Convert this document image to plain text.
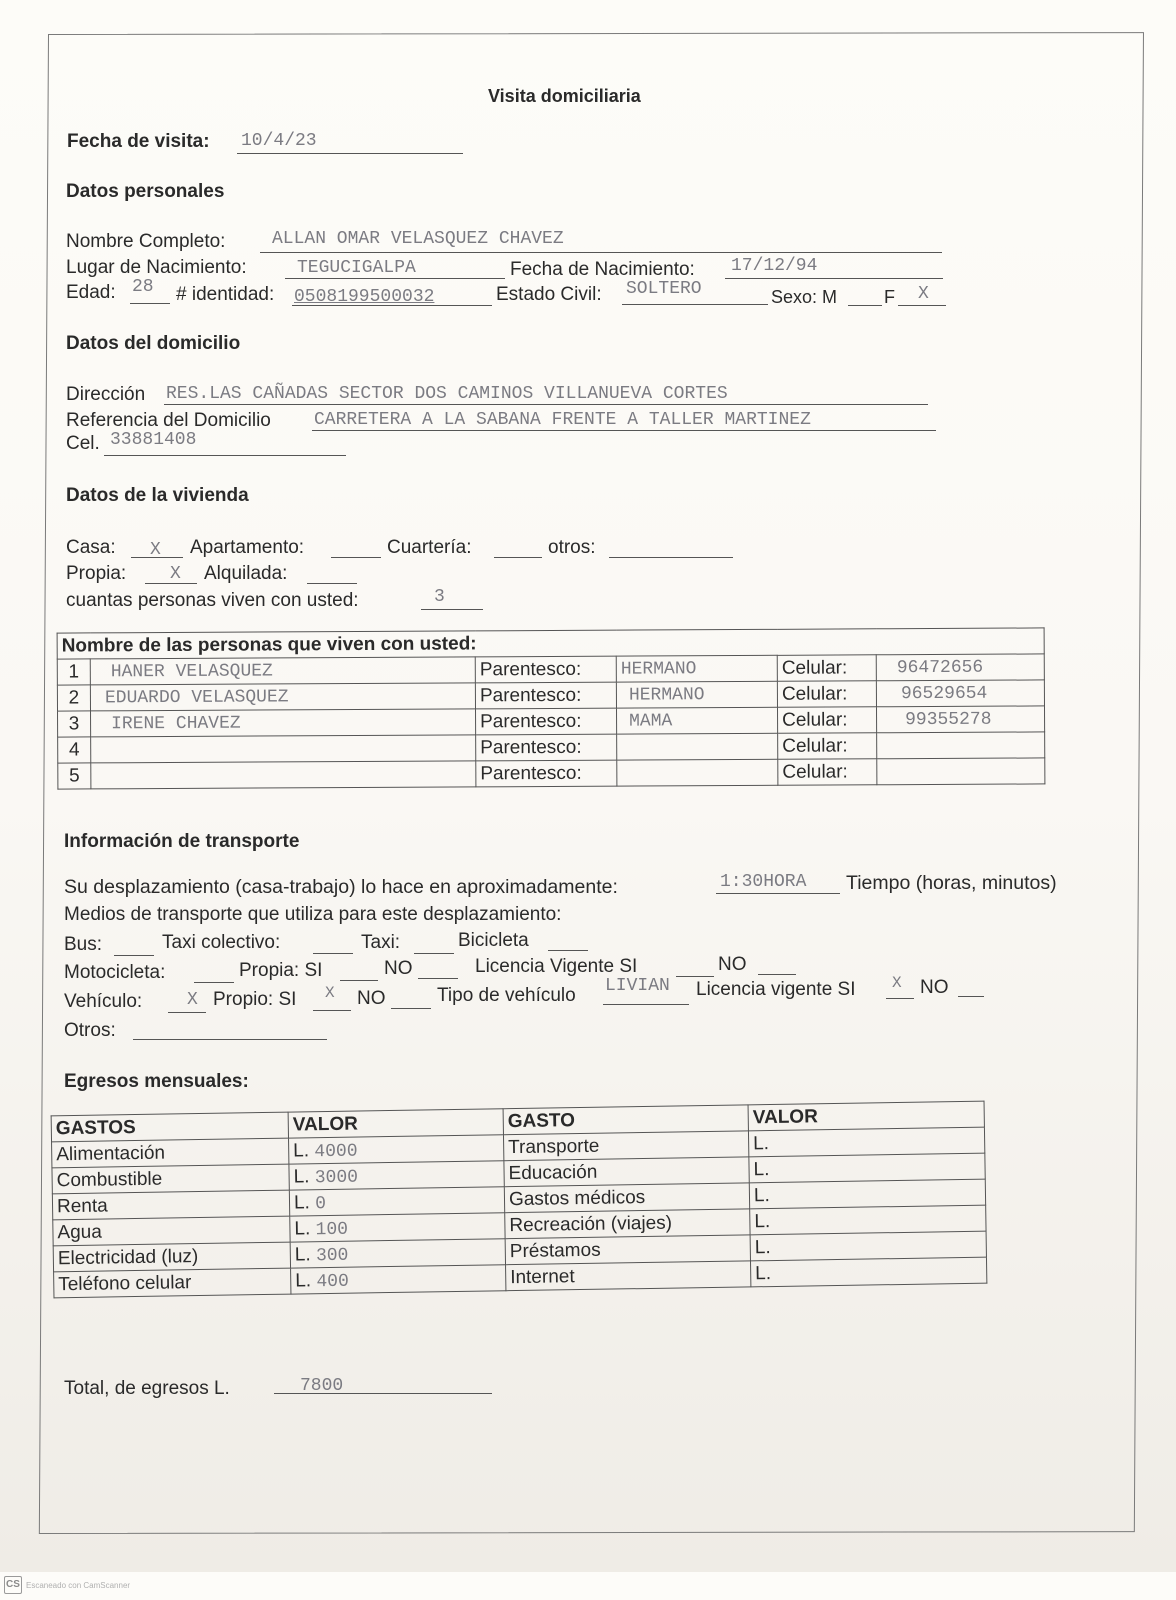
Visita domiciliaria
Fecha de visita: 10/4/23
Datos personales
Nombre Completo:	ALLAN OMAR VELASQUEZ CHAVEZ
Lugar de Nacimiento:	TEGUCIGALPA	Fecha de Nacimiento: 17/12/94
Edad: 28 # identidad: 0508199500032	Estado Civil: SOLTERO	Sexo: M	F X
Datos del domicilio
Dirección RES.LAS CAÑADAS SECTOR DOS CAMINOS VILLANUEVA CORTES
Referencia del Domicilio CARRETERA A LA SABANA FRENTE A TALLER MARTINEZ
Cel. 33881408
Datos de la vivienda
Casa: X Apartamento:	Cuartería:	otros:
Propia: X Alquilada:
cuantas personas viven con usted:	3
Nombre de las personas que viven con usted:					
1	HANER VELASQUEZ	Parentesco:	HERMANO	Celular:	96472656
2	EDUARDO VELASQUEZ	Parentesco:	HERMANO	Celular:	96529654
3	IRENE CHAVEZ	Parentesco:	MAMA	Celular:	99355278
4		Parentesco:		Celular:	
5		Parentesco:		Celular:	
Información de transporte
Su desplazamiento (casa-trabajo) lo hace en aproximadamente:	1:30HORA Tiempo (horas, minutos)
Medios de transporte que utiliza para este desplazamiento:
Bus:	Taxi colectivo:	Taxi:	Bicicleta
Motocicleta:	Propia: SI	NO	Licencia Vigente SI	NO
Vehículo: X Propio: SI X NO	Tipo de vehículo LIVIAN Licencia vigente SI X NO
Otros:
Egresos mensuales:
GASTOS	VALOR	GASTO	VALOR
Alimentación	L. 4000	Transporte	L.
Combustible	L. 3000	Educación	L.
Renta	L. 0	Gastos médicos	L.
Agua	L. 100	Recreación (viajes)	L.
Electricidad (luz)	L. 300	Préstamos	L.
Teléfono celular	L. 400	Internet	L.
Total, de egresos L.	7800
CS Escaneado con CamScanner
